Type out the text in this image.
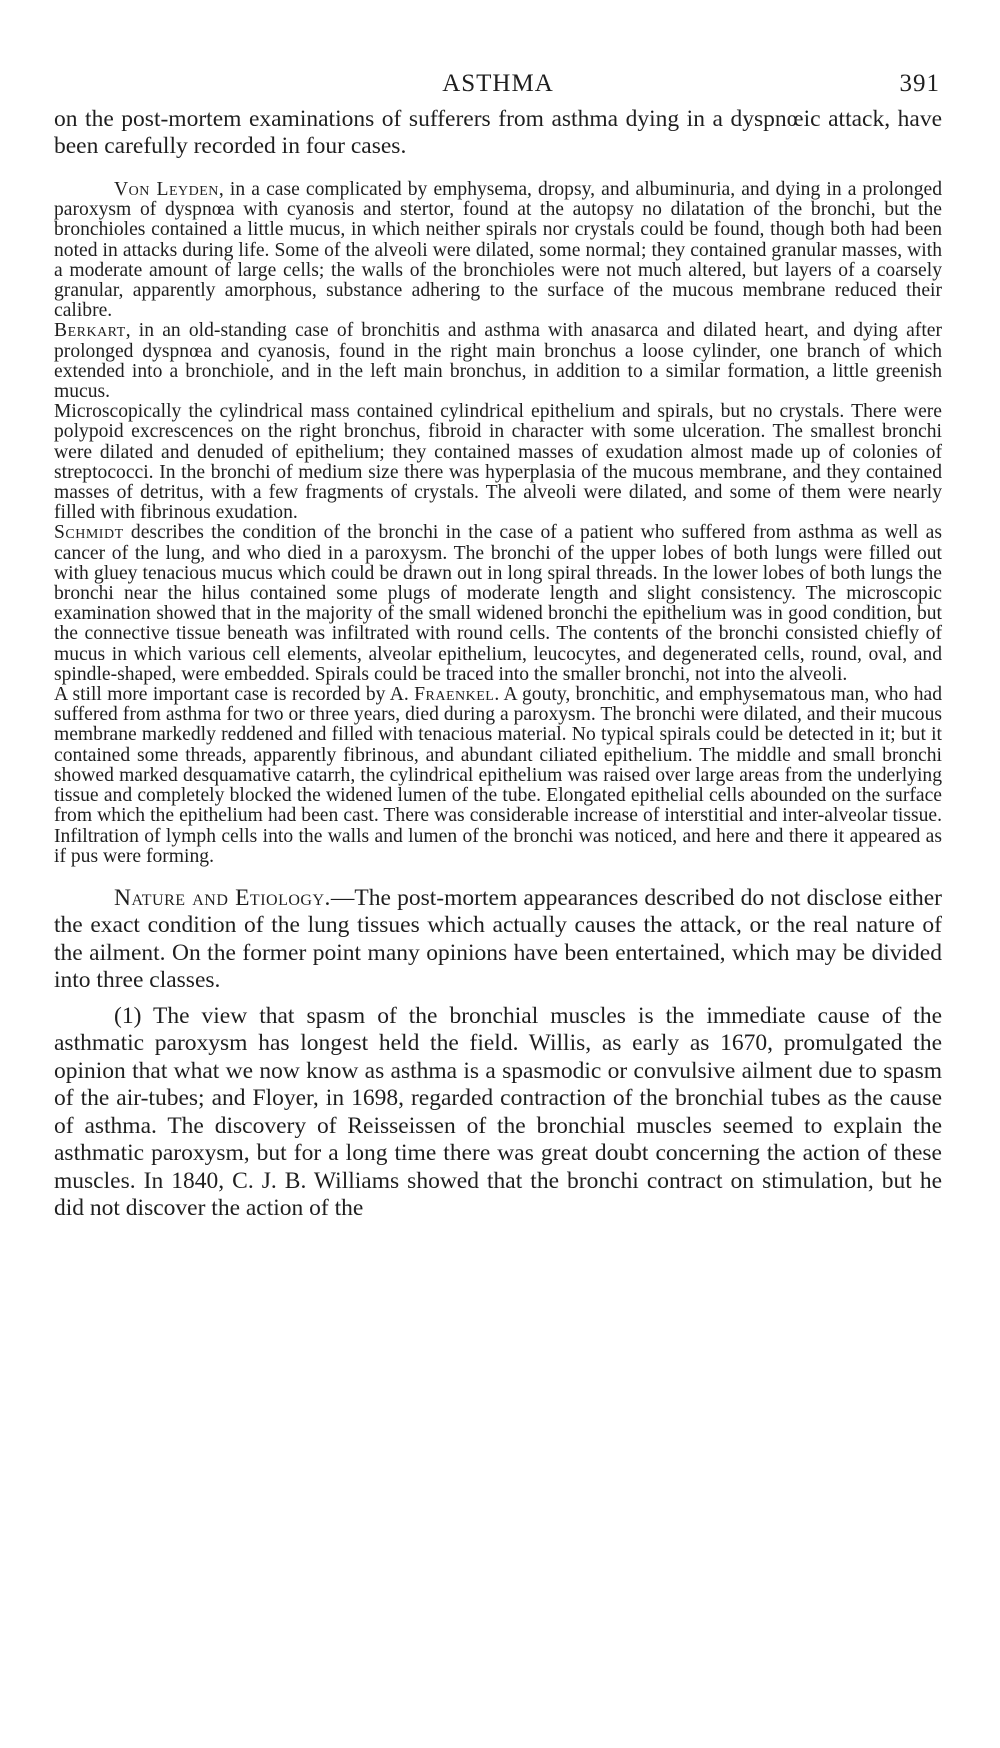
ASTHMA	391

on the post-mortem examinations of sufferers from asthma dying in a dyspnœic attack, have been carefully recorded in four cases.

Von Leyden, in a case complicated by emphysema, dropsy, and albuminuria, and dying in a prolonged paroxysm of dyspnœa with cyanosis and stertor, found at the autopsy no dilatation of the bronchi, but the bronchioles contained a little mucus, in which neither spirals nor crystals could be found, though both had been noted in attacks during life. Some of the alveoli were dilated, some normal; they contained granular masses, with a moderate amount of large cells; the walls of the bronchioles were not much altered, but layers of a coarsely granular, apparently amorphous, substance adhering to the surface of the mucous membrane reduced their calibre.

Berkart, in an old-standing case of bronchitis and asthma with anasarca and dilated heart, and dying after prolonged dyspnœa and cyanosis, found in the right main bronchus a loose cylinder, one branch of which extended into a bronchiole, and in the left main bronchus, in addition to a similar formation, a little greenish mucus.

Microscopically the cylindrical mass contained cylindrical epithelium and spirals, but no crystals. There were polypoid excrescences on the right bronchus, fibroid in character with some ulceration. The smallest bronchi were dilated and denuded of epithelium; they contained masses of exudation almost made up of colonies of streptococci. In the bronchi of medium size there was hyperplasia of the mucous membrane, and they contained masses of detritus, with a few fragments of crystals. The alveoli were dilated, and some of them were nearly filled with fibrinous exudation.

Schmidt describes the condition of the bronchi in the case of a patient who suffered from asthma as well as cancer of the lung, and who died in a paroxysm. The bronchi of the upper lobes of both lungs were filled out with gluey tenacious mucus which could be drawn out in long spiral threads. In the lower lobes of both lungs the bronchi near the hilus contained some plugs of moderate length and slight consistency. The microscopic examination showed that in the majority of the small widened bronchi the epithelium was in good condition, but the connective tissue beneath was infiltrated with round cells. The contents of the bronchi consisted chiefly of mucus in which various cell elements, alveolar epithelium, leucocytes, and degenerated cells, round, oval, and spindle-shaped, were embedded. Spirals could be traced into the smaller bronchi, not into the alveoli.

A still more important case is recorded by A. Fraenkel. A gouty, bronchitic, and emphysematous man, who had suffered from asthma for two or three years, died during a paroxysm. The bronchi were dilated, and their mucous membrane markedly reddened and filled with tenacious material. No typical spirals could be detected in it; but it contained some threads, apparently fibrinous, and abundant ciliated epithelium. The middle and small bronchi showed marked desquamative catarrh, the cylindrical epithelium was raised over large areas from the underlying tissue and completely blocked the widened lumen of the tube. Elongated epithelial cells abounded on the surface from which the epithelium had been cast. There was considerable increase of interstitial and inter-alveolar tissue. Infiltration of lymph cells into the walls and lumen of the bronchi was noticed, and here and there it appeared as if pus were forming.

Nature and Etiology.—The post-mortem appearances described do not disclose either the exact condition of the lung tissues which actually causes the attack, or the real nature of the ailment. On the former point many opinions have been entertained, which may be divided into three classes.

(1) The view that spasm of the bronchial muscles is the immediate cause of the asthmatic paroxysm has longest held the field. Willis, as early as 1670, promulgated the opinion that what we now know as asthma is a spasmodic or convulsive ailment due to spasm of the air-tubes; and Floyer, in 1698, regarded contraction of the bronchial tubes as the cause of asthma. The discovery of Reisseissen of the bronchial muscles seemed to explain the asthmatic paroxysm, but for a long time there was great doubt concerning the action of these muscles. In 1840, C. J. B. Williams showed that the bronchi contract on stimulation, but he did not discover the action of the
